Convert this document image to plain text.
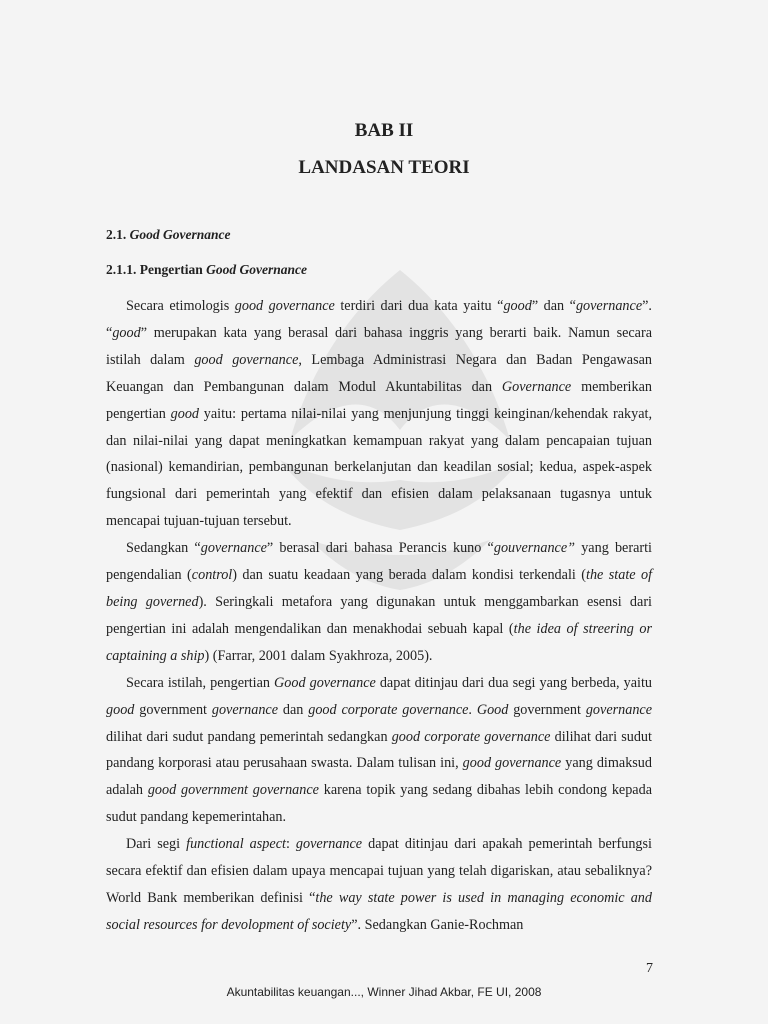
BAB II
LANDASAN TEORI
2.1. Good Governance
2.1.1. Pengertian Good Governance

Secara etimologis good governance terdiri dari dua kata yaitu “good” dan “governance”. “good” merupakan kata yang berasal dari bahasa inggris yang berarti baik. Namun secara istilah dalam good governance, Lembaga Administrasi Negara dan Badan Pengawasan Keuangan dan Pembangunan dalam Modul Akuntabilitas dan Governance memberikan pengertian good yaitu: pertama nilai-nilai yang menjunjung tinggi keinginan/kehendak rakyat, dan nilai-nilai yang dapat meningkatkan kemampuan rakyat yang dalam pencapaian tujuan (nasional) kemandirian, pembangunan berkelanjutan dan keadilan sosial; kedua, aspek-aspek fungsional dari pemerintah yang efektif dan efisien dalam pelaksanaan tugasnya untuk mencapai tujuan-tujuan tersebut.

Sedangkan “governance” berasal dari bahasa Perancis kuno “gouvernance” yang berarti pengendalian (control) dan suatu keadaan yang berada dalam kondisi terkendali (the state of being governed). Seringkali metafora yang digunakan untuk menggambarkan esensi dari pengertian ini adalah mengendalikan dan menakhodai sebuah kapal (the idea of streering or captaining a ship) (Farrar, 2001 dalam Syakhroza, 2005).

Secara istilah, pengertian Good governance dapat ditinjau dari dua segi yang berbeda, yaitu good government governance dan good corporate governance. Good government governance dilihat dari sudut pandang pemerintah sedangkan good corporate governance dilihat dari sudut pandang korporasi atau perusahaan swasta. Dalam tulisan ini, good governance yang dimaksud adalah good government governance karena topik yang sedang dibahas lebih condong kepada sudut pandang kepemerintahan.

Dari segi functional aspect: governance dapat ditinjau dari apakah pemerintah berfungsi secara efektif dan efisien dalam upaya mencapai tujuan yang telah digariskan, atau sebaliknya? World Bank memberikan definisi “the way state power is used in managing economic and social resources for devolopment of society”. Sedangkan Ganie-Rochman

7
Akuntabilitas keuangan..., Winner Jihad Akbar, FE UI, 2008
